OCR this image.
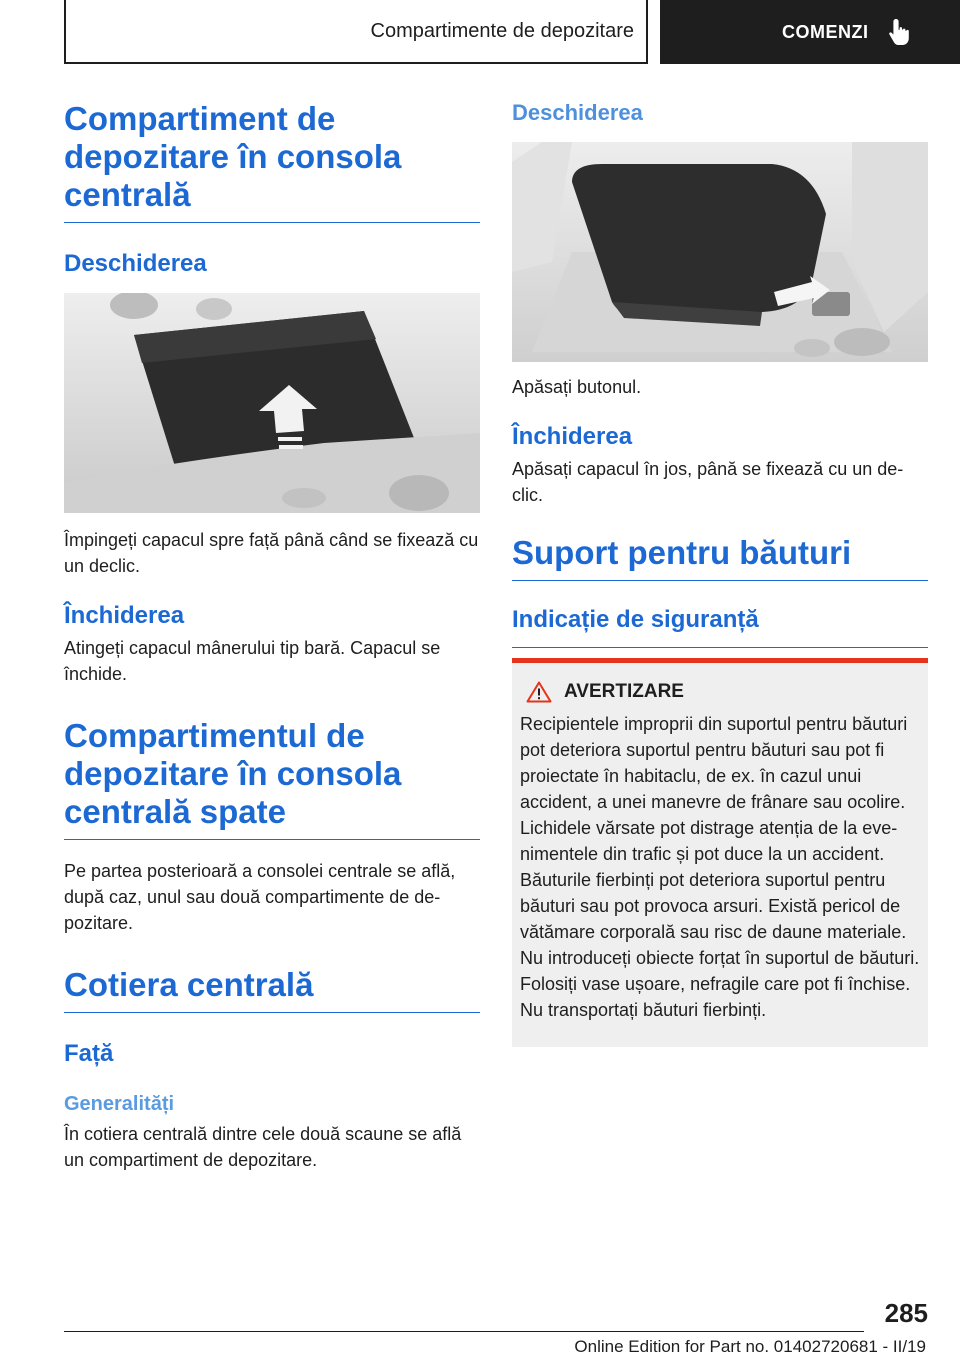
Compartimente de depozitare	COMENZI
Compartiment de depozitare în consola centrală
Deschiderea

Împingeți capacul spre față până când se fixează cu un declic.

Închiderea

Atingeți capacul mânerului tip bară. Capacul se închide.

Compartimentul de depozitare în consola centrală spate

Pe partea posterioară a consolei centrale se află, după caz, unul sau două compartimente de depozitare.

Cotiera centrală
Față
Generalități

În cotiera centrală dintre cele două scaune se află un compartiment de depozitare.

Deschiderea

Apăsați butonul.

Închiderea

Apăsați capacul în jos, până se fixează cu un declic.

Suport pentru băuturi
Indicație de siguranță
AVERTIZARE

Recipientele improprii din suportul pentru băuturi pot deteriora suportul pentru băuturi sau pot fi proiectate în habitaclu, de ex. în cazul unui accident, a unei manevre de frânare sau ocolire. Lichidele vărsate pot distrage atenția de la evenimentele din trafic și pot duce la un accident. Băuturile fierbinți pot deteriora suportul pentru băuturi sau pot provoca arsuri. Există pericol de vătămare corporală sau risc de daune materiale. Nu introduceți obiecte forțat în suportul de băuturi. Folosiți vase ușoare, nefragile care pot fi închise. Nu transportați băuturi fierbinți.

285
Online Edition for Part no. 01402720681 - II/19
